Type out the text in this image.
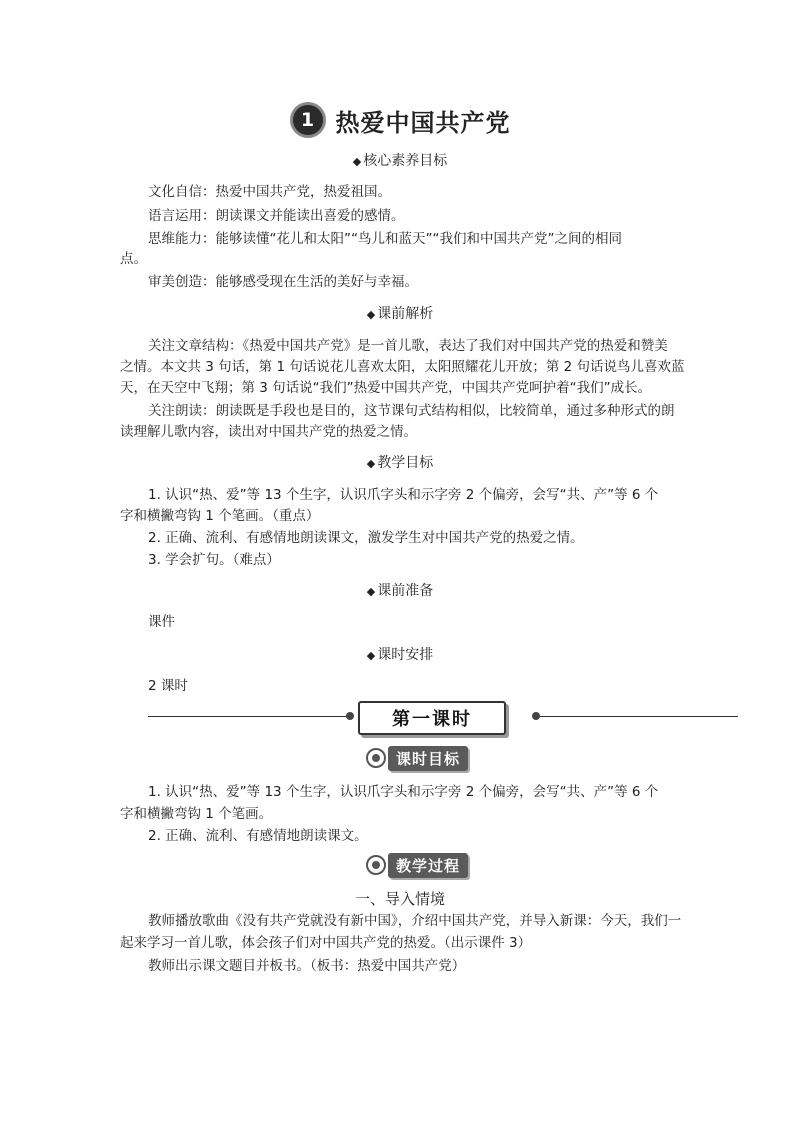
1 热爱中国共产党
◆ 核心素养目标
文化自信：热爱中国共产党，热爱祖国。
语言运用：朗读课文并能读出喜爱的感情。
思维能力：能够读懂“花儿和太阳”“鸟儿和蓝天”“我们和中国共产党”之间的相同
点。
审美创造：能够感受现在生活的美好与幸福。
◆ 课前解析
关注文章结构：《热爱中国共产党》是一首儿歌，表达了我们对中国共产党的热爱和赞美
之情。本文共 3 句话，第 1 句话说花儿喜欢太阳，太阳照耀花儿开放；第 2 句话说鸟儿喜欢蓝
天，在天空中飞翔；第 3 句话说“我们”热爱中国共产党，中国共产党呵护着“我们”成长。
关注朗读：朗读既是手段也是目的，这节课句式结构相似，比较简单，通过多种形式的朗
读理解儿歌内容，读出对中国共产党的热爱之情。
◆ 教学目标
1. 认识“热、爱”等 13 个生字，认识爪字头和示字旁 2 个偏旁，会写“共、产”等 6 个
字和横撇弯钩 1 个笔画。（重点）
2. 正确、流利、有感情地朗读课文，激发学生对中国共产党的热爱之情。
3. 学会扩句。（难点）
◆ 课前准备
课件
◆ 课时安排
2 课时
第一课时
课时目标
1. 认识“热、爱”等 13 个生字，认识爪字头和示字旁 2 个偏旁，会写“共、产”等 6 个
字和横撇弯钩 1 个笔画。
2. 正确、流利、有感情地朗读课文。
教学过程
一、导入情境
教师播放歌曲《没有共产党就没有新中国》，介绍中国共产党，并导入新课：今天，我们一
起来学习一首儿歌，体会孩子们对中国共产党的热爱。（出示课件 3）
教师出示课文题目并板书。（板书：热爱中国共产党）
